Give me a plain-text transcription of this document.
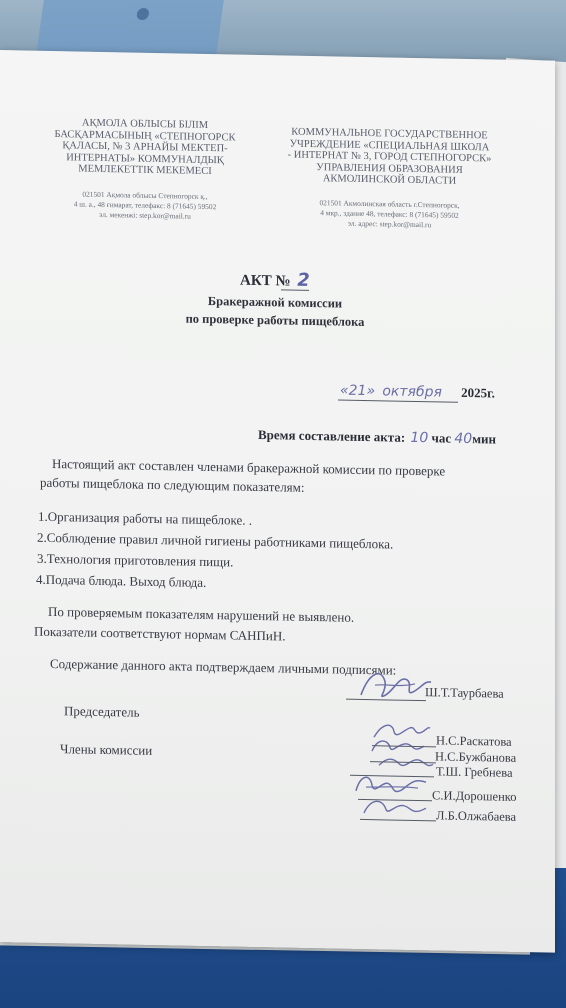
АҚМОЛА ОБЛЫСЫ БІЛІМ
БАСҚАРМАСЫНЫҢ «СТЕПНОГОРСК
ҚАЛАСЫ, № 3 АРНАЙЫ МЕКТЕП-
ИНТЕРНАТЫ» КОММУНАЛДЫҚ
МЕМЛЕКЕТТІК МЕКЕМЕСІ
021501 Ақмола облысы Степногорск қ.,
4 ш. а., 48 ғимарат, телефакс: 8 (71645) 59502
эл. мекенжі: step.kor@mail.ru
КОММУНАЛЬНОЕ ГОСУДАРСТВЕННОЕ
УЧРЕЖДЕНИЕ «СПЕЦИАЛЬНАЯ ШКОЛА
- ИНТЕРНАТ № 3, ГОРОД СТЕПНОГОРСК»
УПРАВЛЕНИЯ ОБРАЗОВАНИЯ
АКМОЛИНСКОЙ ОБЛАСТИ
021501 Акмолинская область г.Степногорск,
4 мкр., здание 48, телефакс: 8 (71645) 59502
эл. адрес: step.kor@mail.ru
АКТ № 2
Бракеражной комиссии
по проверке работы пищеблока
«21» октября 2025г.
Время составление акта: 10 час 40мин
Настоящий акт составлен членами бракеражной комиссии по проверке
работы пищеблока по следующим показателям:
1.Организация работы на пищеблоке. .
2.Соблюдение правил личной гигиены работниками пищеблока.
3.Технология приготовления пищи.
4.Подача блюда. Выход блюда.
По проверяемым показателям нарушений не выявлено.
Показатели соответствуют нормам САНПиН.
Содержание данного акта подтверждаем личными подписями:
Ш.Т.Таурбаева
Председатель
Члены комиссии
Н.С.Раскатова
Н.С.Бужбанова
Т.Ш. Гребнева
С.И.Дорошенко
Л.Б.Олжабаева
